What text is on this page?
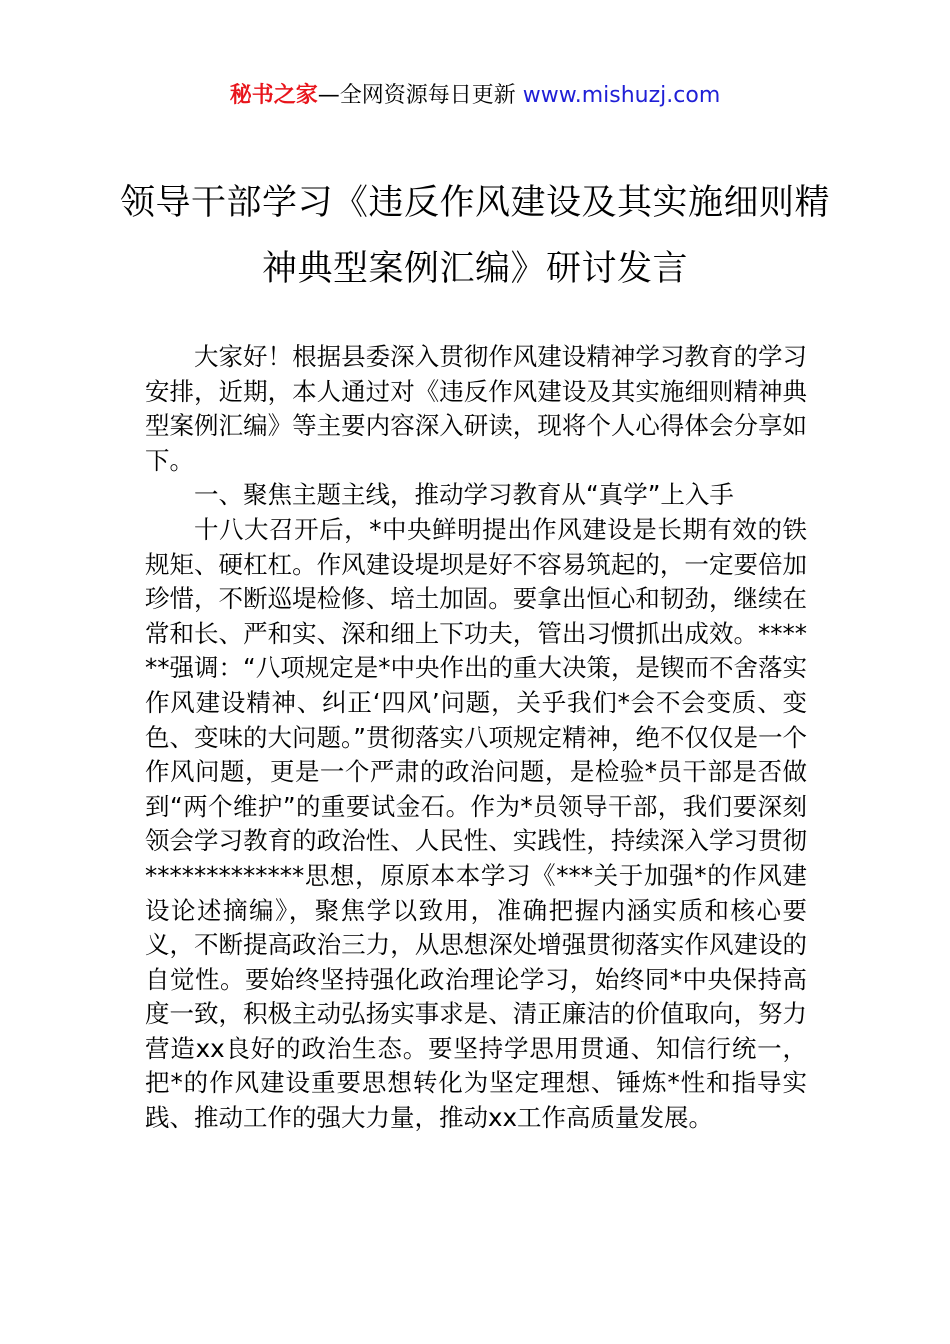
秘书之家—全网资源每日更新 www.mishuzj.com
领导干部学习《违反作风建设及其实施细则精神典型案例汇编》研讨发言

大家好！根据县委深入贯彻作风建设精神学习教育的学习安排，近期，本人通过对《违反作风建设及其实施细则精神典型案例汇编》等主要内容深入研读，现将个人心得体会分享如下。

一、聚焦主题主线，推动学习教育从“真学”上入手

十八大召开后，*中央鲜明提出作风建设是长期有效的铁规矩、硬杠杠。作风建设堤坝是好不容易筑起的，一定要倍加珍惜，不断巡堤检修、培土加固。要拿出恒心和韧劲，继续在常和长、严和实、深和细上下功夫，管出习惯抓出成效。******强调：“八项规定是*中央作出的重大决策，是锲而不舍落实作风建设精神、纠正‘四风’问题，关乎我们*会不会变质、变色、变味的大问题。”贯彻落实八项规定精神，绝不仅仅是一个作风问题，更是一个严肃的政治问题，是检验*员干部是否做到“两个维护”的重要试金石。作为*员领导干部，我们要深刻领会学习教育的政治性、人民性、实践性，持续深入学习贯彻*************思想，原原本本学习《***关于加强*的作风建设论述摘编》，聚焦学以致用，准确把握内涵实质和核心要义，不断提高政治三力，从思想深处增强贯彻落实作风建设的自觉性。要始终坚持强化政治理论学习，始终同*中央保持高度一致，积极主动弘扬实事求是、清正廉洁的价值取向，努力营造xx良好的政治生态。要坚持学思用贯通、知信行统一，把*的作风建设重要思想转化为坚定理想、锤炼*性和指导实践、推动工作的强大力量，推动xx工作高质量发展。
